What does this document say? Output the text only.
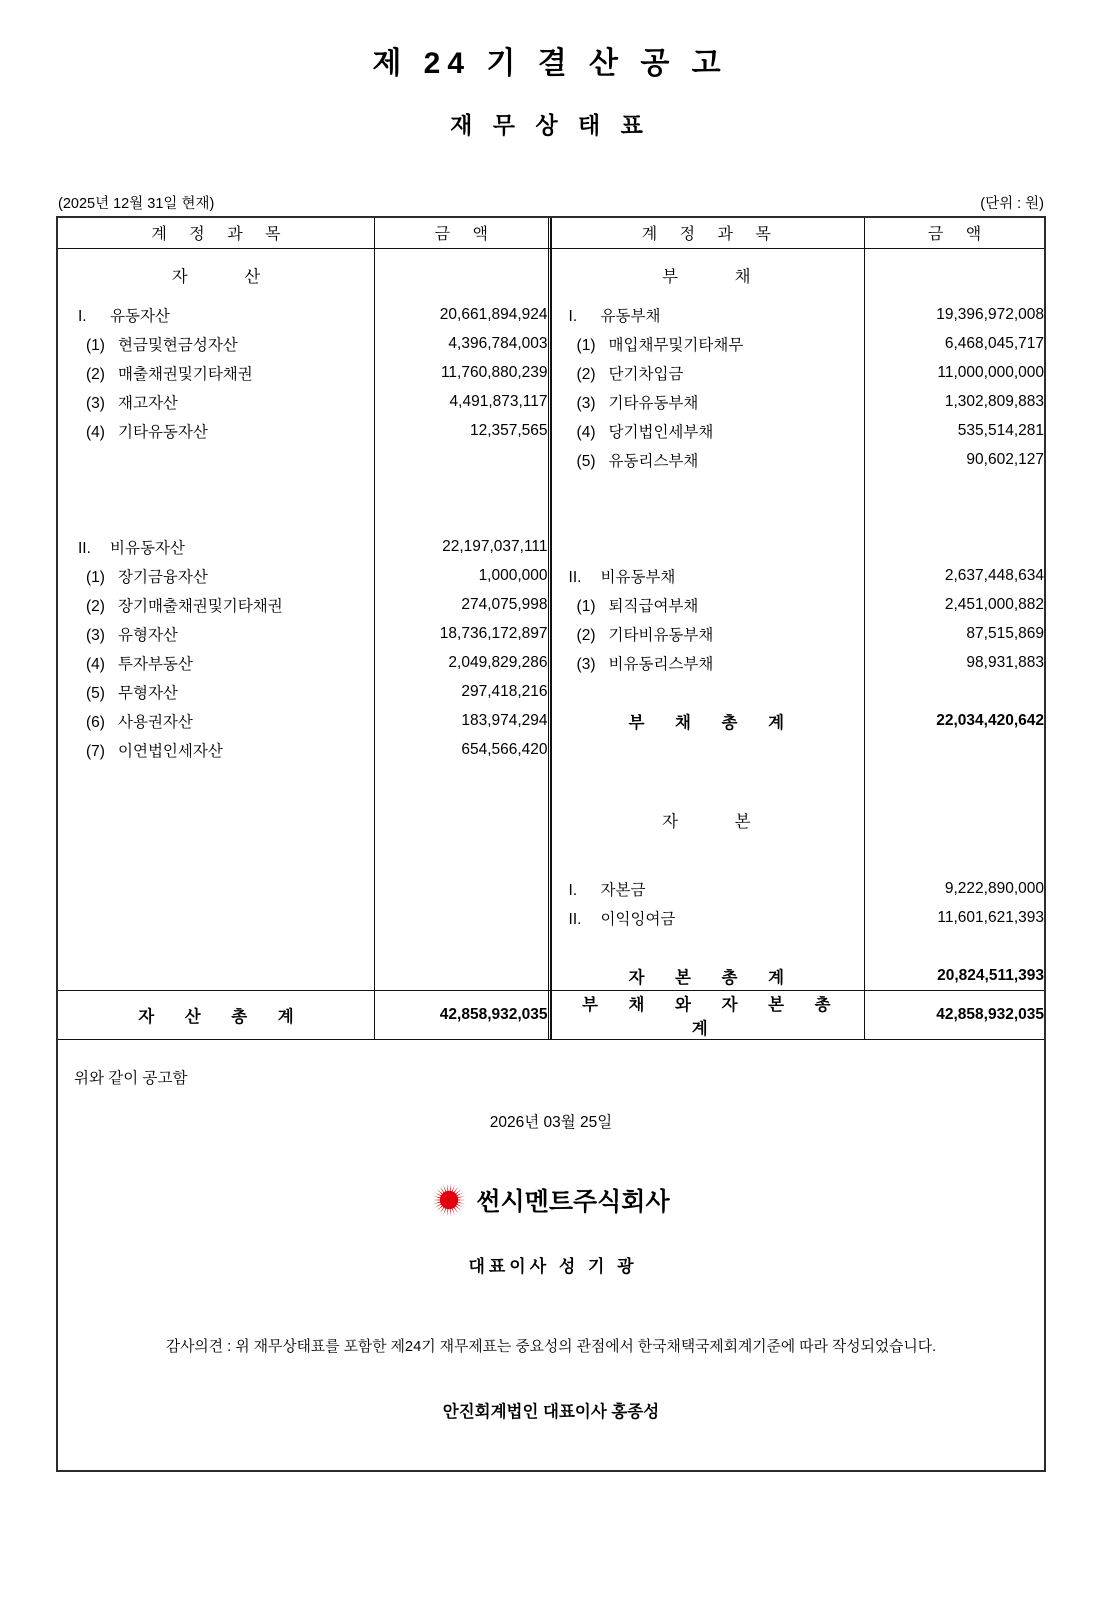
제 24 기 결 산 공 고
재 무 상 태 표
(2025년 12월 31일 현재)	(단위 : 원)
계 정 과 목	금 액	계 정 과 목	금 액
자 산		부 채	

I. 유동자산	20,661,894,924	I. 유동부채	19,396,972,008

(1) 현금및현금성자산	4,396,784,003	(1) 매입채무및기타채무	6,468,045,717

(2) 매출채권및기타채권	11,760,880,239	(2) 단기차입금	11,000,000,000

(3) 재고자산	4,491,873,117	(3) 기타유동부채	1,302,809,883

(4) 기타유동자산	12,357,565	(4) 당기법인세부채	535,514,281

		(5) 유동리스부채	90,602,127

II. 비유동자산	22,197,037,111		

(1) 장기금융자산	1,000,000	II. 비유동부채	2,637,448,634

(2) 장기매출채권및기타채권	274,075,998	(1) 퇴직급여부채	2,451,000,882

(3) 유형자산	18,736,172,897	(2) 기타비유동부채	87,515,869

(4) 투자부동산	2,049,829,286	(3) 비유동리스부채	98,931,883

(5) 무형자산	297,418,216		

(6) 사용권자산	183,974,294	부 채 총 계	22,034,420,642

(7) 이연법인세자산	654,566,420		

		자 본	

		I. 자본금	9,222,890,000

		II. 이익잉여금	11,601,621,393

		자 본 총 계	20,824,511,393
자 산 총 계	42,858,932,035	부 채 와 자 본 총 계	42,858,932,035
위와 같이 공고함
2026년 03월 25일
썬시멘트주식회사
대표이사 성 기 광
감사의견 : 위 재무상태표를 포함한 제24기 재무제표는 중요성의 관점에서 한국채택국제회계기준에 따라 작성되었습니다.
안진회계법인 대표이사 홍종성
